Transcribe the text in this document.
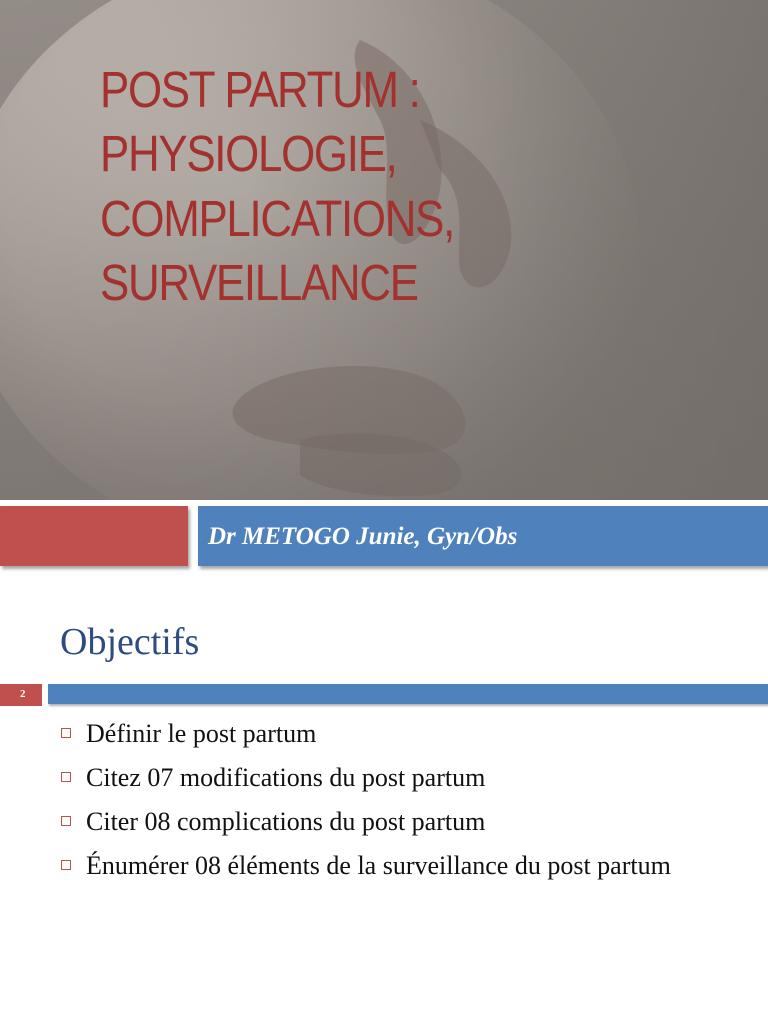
POST PARTUM :
PHYSIOLOGIE,
COMPLICATIONS,
SURVEILLANCE
Dr METOGO Junie, Gyn/Obs
Objectifs
2
Définir le post partum
Citez 07 modifications du post partum
Citer 08 complications du post partum
Énumérer 08 éléments de la surveillance du post partum
